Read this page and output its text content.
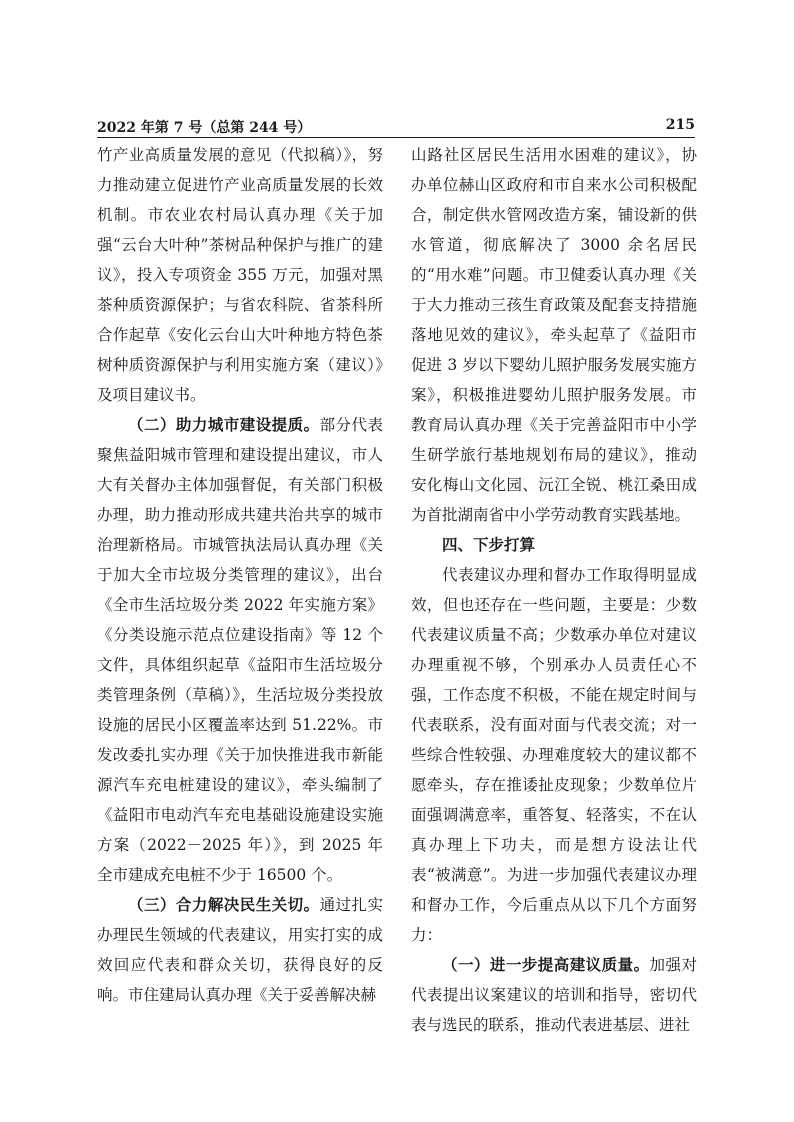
2022 年第 7 号（总第 244 号）	215

竹产业高质量发展的意见（代拟稿）》，努力推动建立促进竹产业高质量发展的长效机制。市农业农村局认真办理《关于加强“云台大叶种”茶树品种保护与推广的建议》，投入专项资金 355 万元，加强对黑茶种质资源保护；与省农科院、省茶科所合作起草《安化云台山大叶种地方特色茶树种质资源保护与利用实施方案（建议）》及项目建议书。

（二）助力城市建设提质。部分代表聚焦益阳城市管理和建设提出建议，市人大有关督办主体加强督促，有关部门积极办理，助力推动形成共建共治共享的城市治理新格局。市城管执法局认真办理《关于加大全市垃圾分类管理的建议》，出台《全市生活垃圾分类 2022 年实施方案》《分类设施示范点位建设指南》等 12 个文件，具体组织起草《益阳市生活垃圾分类管理条例（草稿）》，生活垃圾分类投放设施的居民小区覆盖率达到 51.22%。市发改委扎实办理《关于加快推进我市新能源汽车充电桩建设的建议》，牵头编制了《益阳市电动汽车充电基础设施建设实施方案（2022－2025 年）》，到 2025 年全市建成充电桩不少于 16500 个。

（三）合力解决民生关切。通过扎实办理民生领域的代表建议，用实打实的成效回应代表和群众关切，获得良好的反响。市住建局认真办理《关于妥善解决赫

山路社区居民生活用水困难的建议》，协办单位赫山区政府和市自来水公司积极配合，制定供水管网改造方案，铺设新的供水管道，彻底解决了 3000 余名居民的“用水难”问题。市卫健委认真办理《关于大力推动三孩生育政策及配套支持措施落地见效的建议》，牵头起草了《益阳市促进 3 岁以下婴幼儿照护服务发展实施方案》，积极推进婴幼儿照护服务发展。市教育局认真办理《关于完善益阳市中小学生研学旅行基地规划布局的建议》，推动安化梅山文化园、沅江全锐、桃江桑田成为首批湖南省中小学劳动教育实践基地。

四、下步打算

代表建议办理和督办工作取得明显成效，但也还存在一些问题，主要是：少数代表建议质量不高；少数承办单位对建议办理重视不够，个别承办人员责任心不强，工作态度不积极，不能在规定时间与代表联系，没有面对面与代表交流；对一些综合性较强、办理难度较大的建议都不愿牵头，存在推诿扯皮现象；少数单位片面强调满意率，重答复、轻落实，不在认真办理上下功夫，而是想方设法让代表“被满意”。为进一步加强代表建议办理和督办工作，今后重点从以下几个方面努力：

（一）进一步提高建议质量。加强对代表提出议案建议的培训和指导，密切代表与选民的联系，推动代表进基层、进社
